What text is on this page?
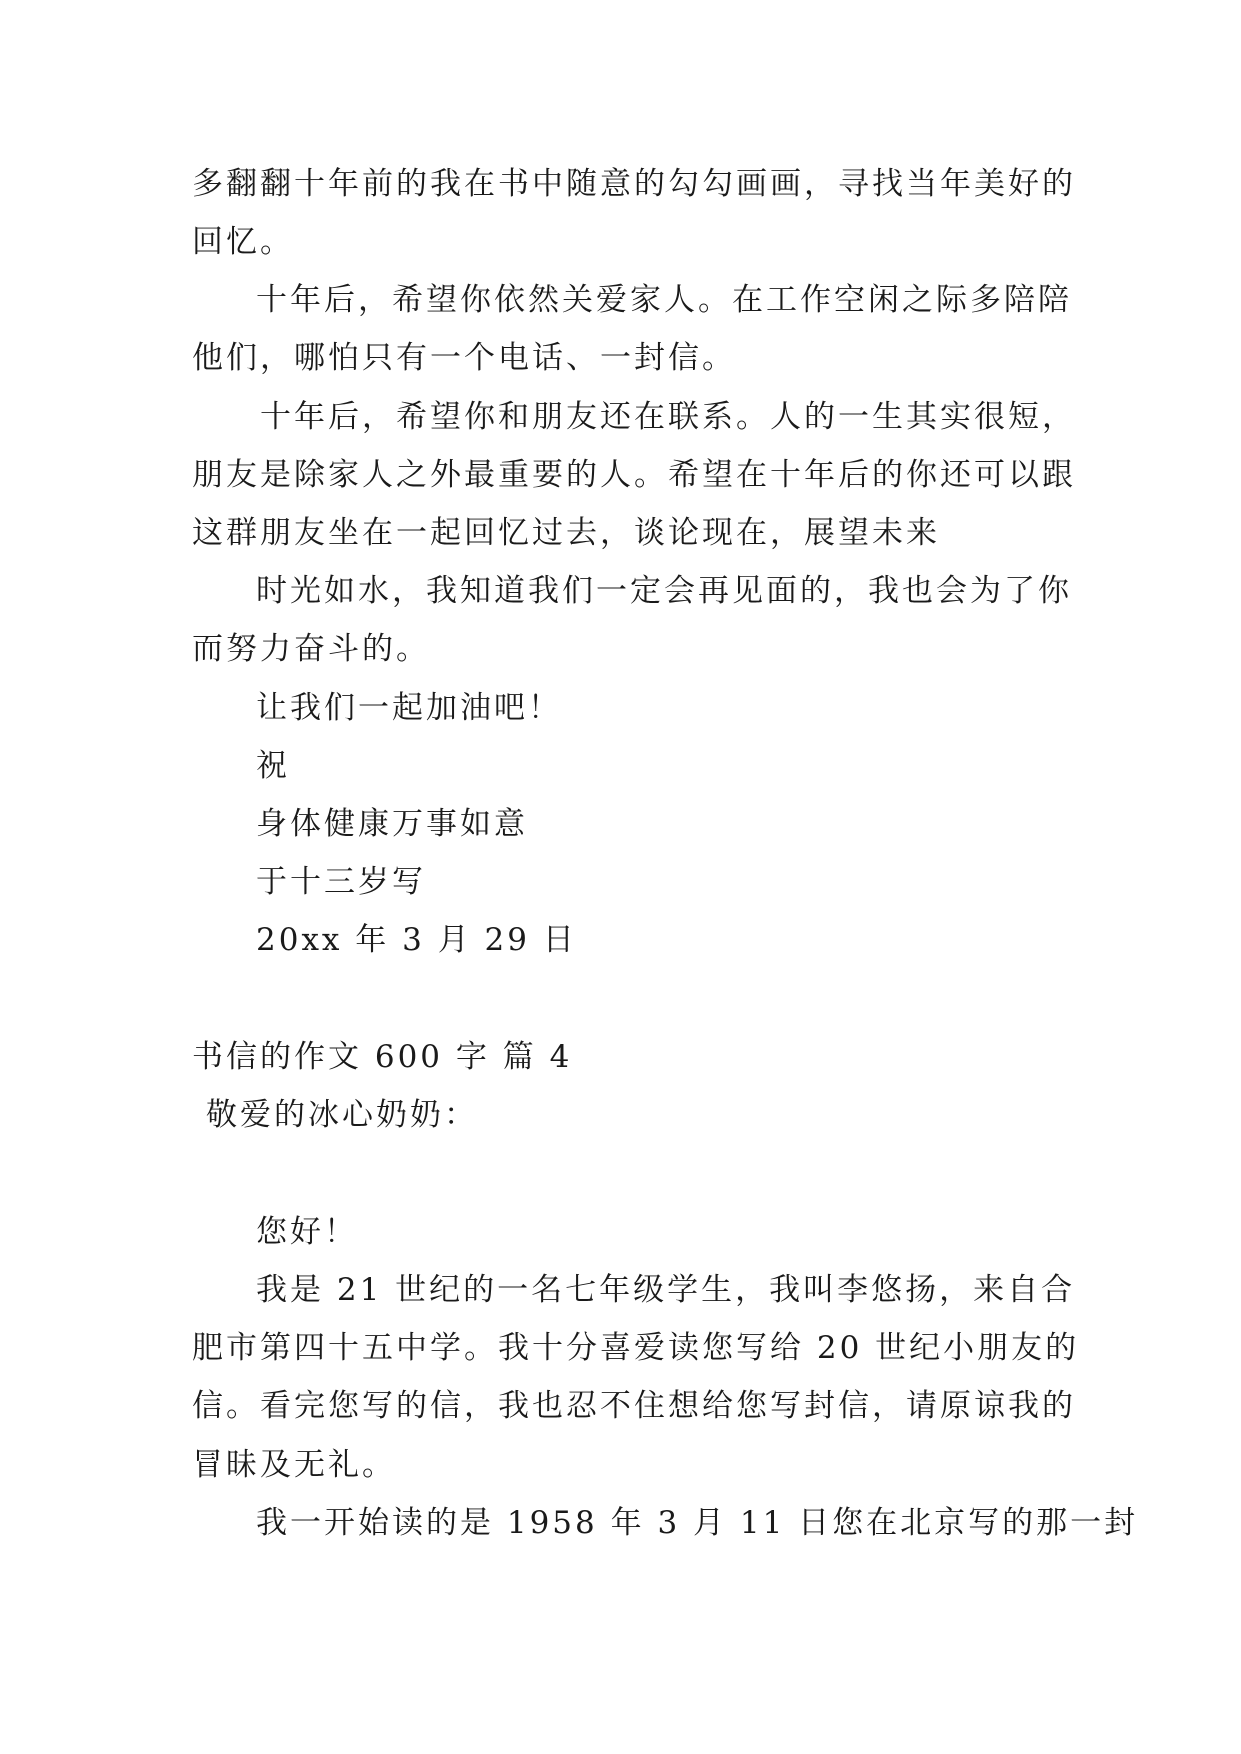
多翻翻十年前的我在书中随意的勾勾画画，寻找当年美好的
回忆。
十年后，希望你依然关爱家人。在工作空闲之际多陪陪
他们，哪怕只有一个电话、一封信。
十年后，希望你和朋友还在联系。人的一生其实很短，
朋友是除家人之外最重要的人。希望在十年后的你还可以跟
这群朋友坐在一起回忆过去，谈论现在，展望未来
时光如水，我知道我们一定会再见面的，我也会为了你
而努力奋斗的。
让我们一起加油吧！
祝
身体健康万事如意
于十三岁写
20xx 年 3 月 29 日
书信的作文 600 字 篇 4
敬爱的冰心奶奶：
您好！
我是 21 世纪的一名七年级学生，我叫李悠扬，来自合
肥市第四十五中学。我十分喜爱读您写给 20 世纪小朋友的
信。看完您写的信，我也忍不住想给您写封信，请原谅我的
冒昧及无礼。
我一开始读的是 1958 年 3 月 11 日您在北京写的那一封
